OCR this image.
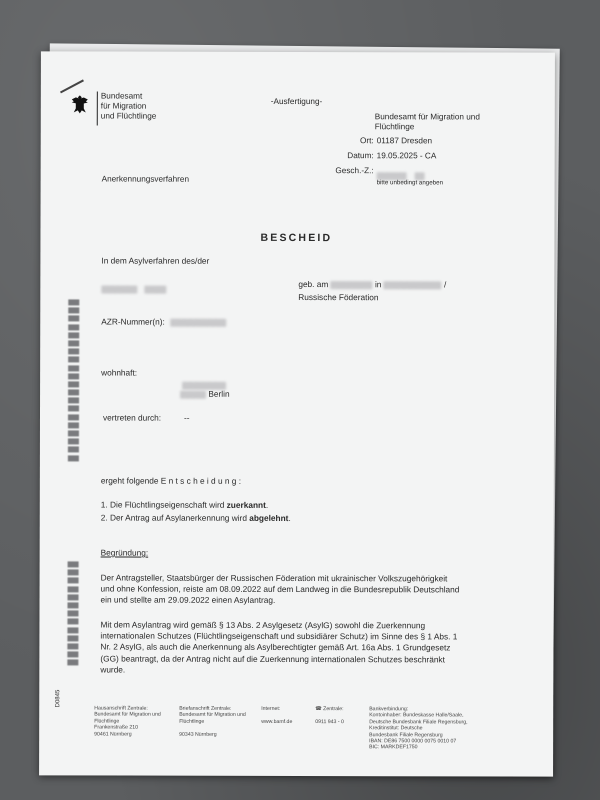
Bundesamt
für Migration
und Flüchtlinge
-Ausfertigung-
Bundesamt für Migration und
Flüchtlinge
Ort: 01187 Dresden
Datum: 19.05.2025 - CA
Gesch.-Z.:

bitte unbedingt angeben
Anerkennungsverfahren
BESCHEID
In dem Asylverfahren des/der

geb. am	in	/
Russische Föderation
AZR-Nummer(n):
wohnhaft:
Berlin
vertreten durch:	--
ergeht folgende E n t s c h e i d u n g :
1. Die Flüchtlingseigenschaft wird zuerkannt.
2. Der Antrag auf Asylanerkennung wird abgelehnt.
Begründung:
Der Antragsteller, Staatsbürger der Russischen Föderation mit ukrainischer Volkszugehörigkeit
und ohne Konfession, reiste am 08.09.2022 auf dem Landweg in die Bundesrepublik Deutschland
ein und stellte am 29.09.2022 einen Asylantrag.
Mit dem Asylantrag wird gemäß § 13 Abs. 2 Asylgesetz (AsylG) sowohl die Zuerkennung
internationalen Schutzes (Flüchtlingseigenschaft und subsidiärer Schutz) im Sinne des § 1 Abs. 1
Nr. 2 AsylG, als auch die Anerkennung als Asylberechtigter gemäß Art. 16a Abs. 1 Grundgesetz
(GG) beantragt, da der Antrag nicht auf die Zuerkennung internationalen Schutzes beschränkt
wurde.
D0845
Hausanschrift Zentrale:
Bundesamt für Migration und
Flüchtlinge
Frankenstraße 210
90461 Nürnberg
Briefanschrift Zentrale:
Bundesamt für Migration und
Flüchtlinge
90343 Nürnberg
Internet:
www.bamf.de
☎ Zentrale:
0911 943 - 0
Bankverbindung:
Kontoinhaber: Bundeskasse Halle/Saale,
Deutsche Bundesbank Filiale Regensburg,
Kreditinstitut: Deutsche
Bundesbank Filiale Regensburg
IBAN: DE86 7500 0000 0075 0010 07
BIC: MARKDEF1750
